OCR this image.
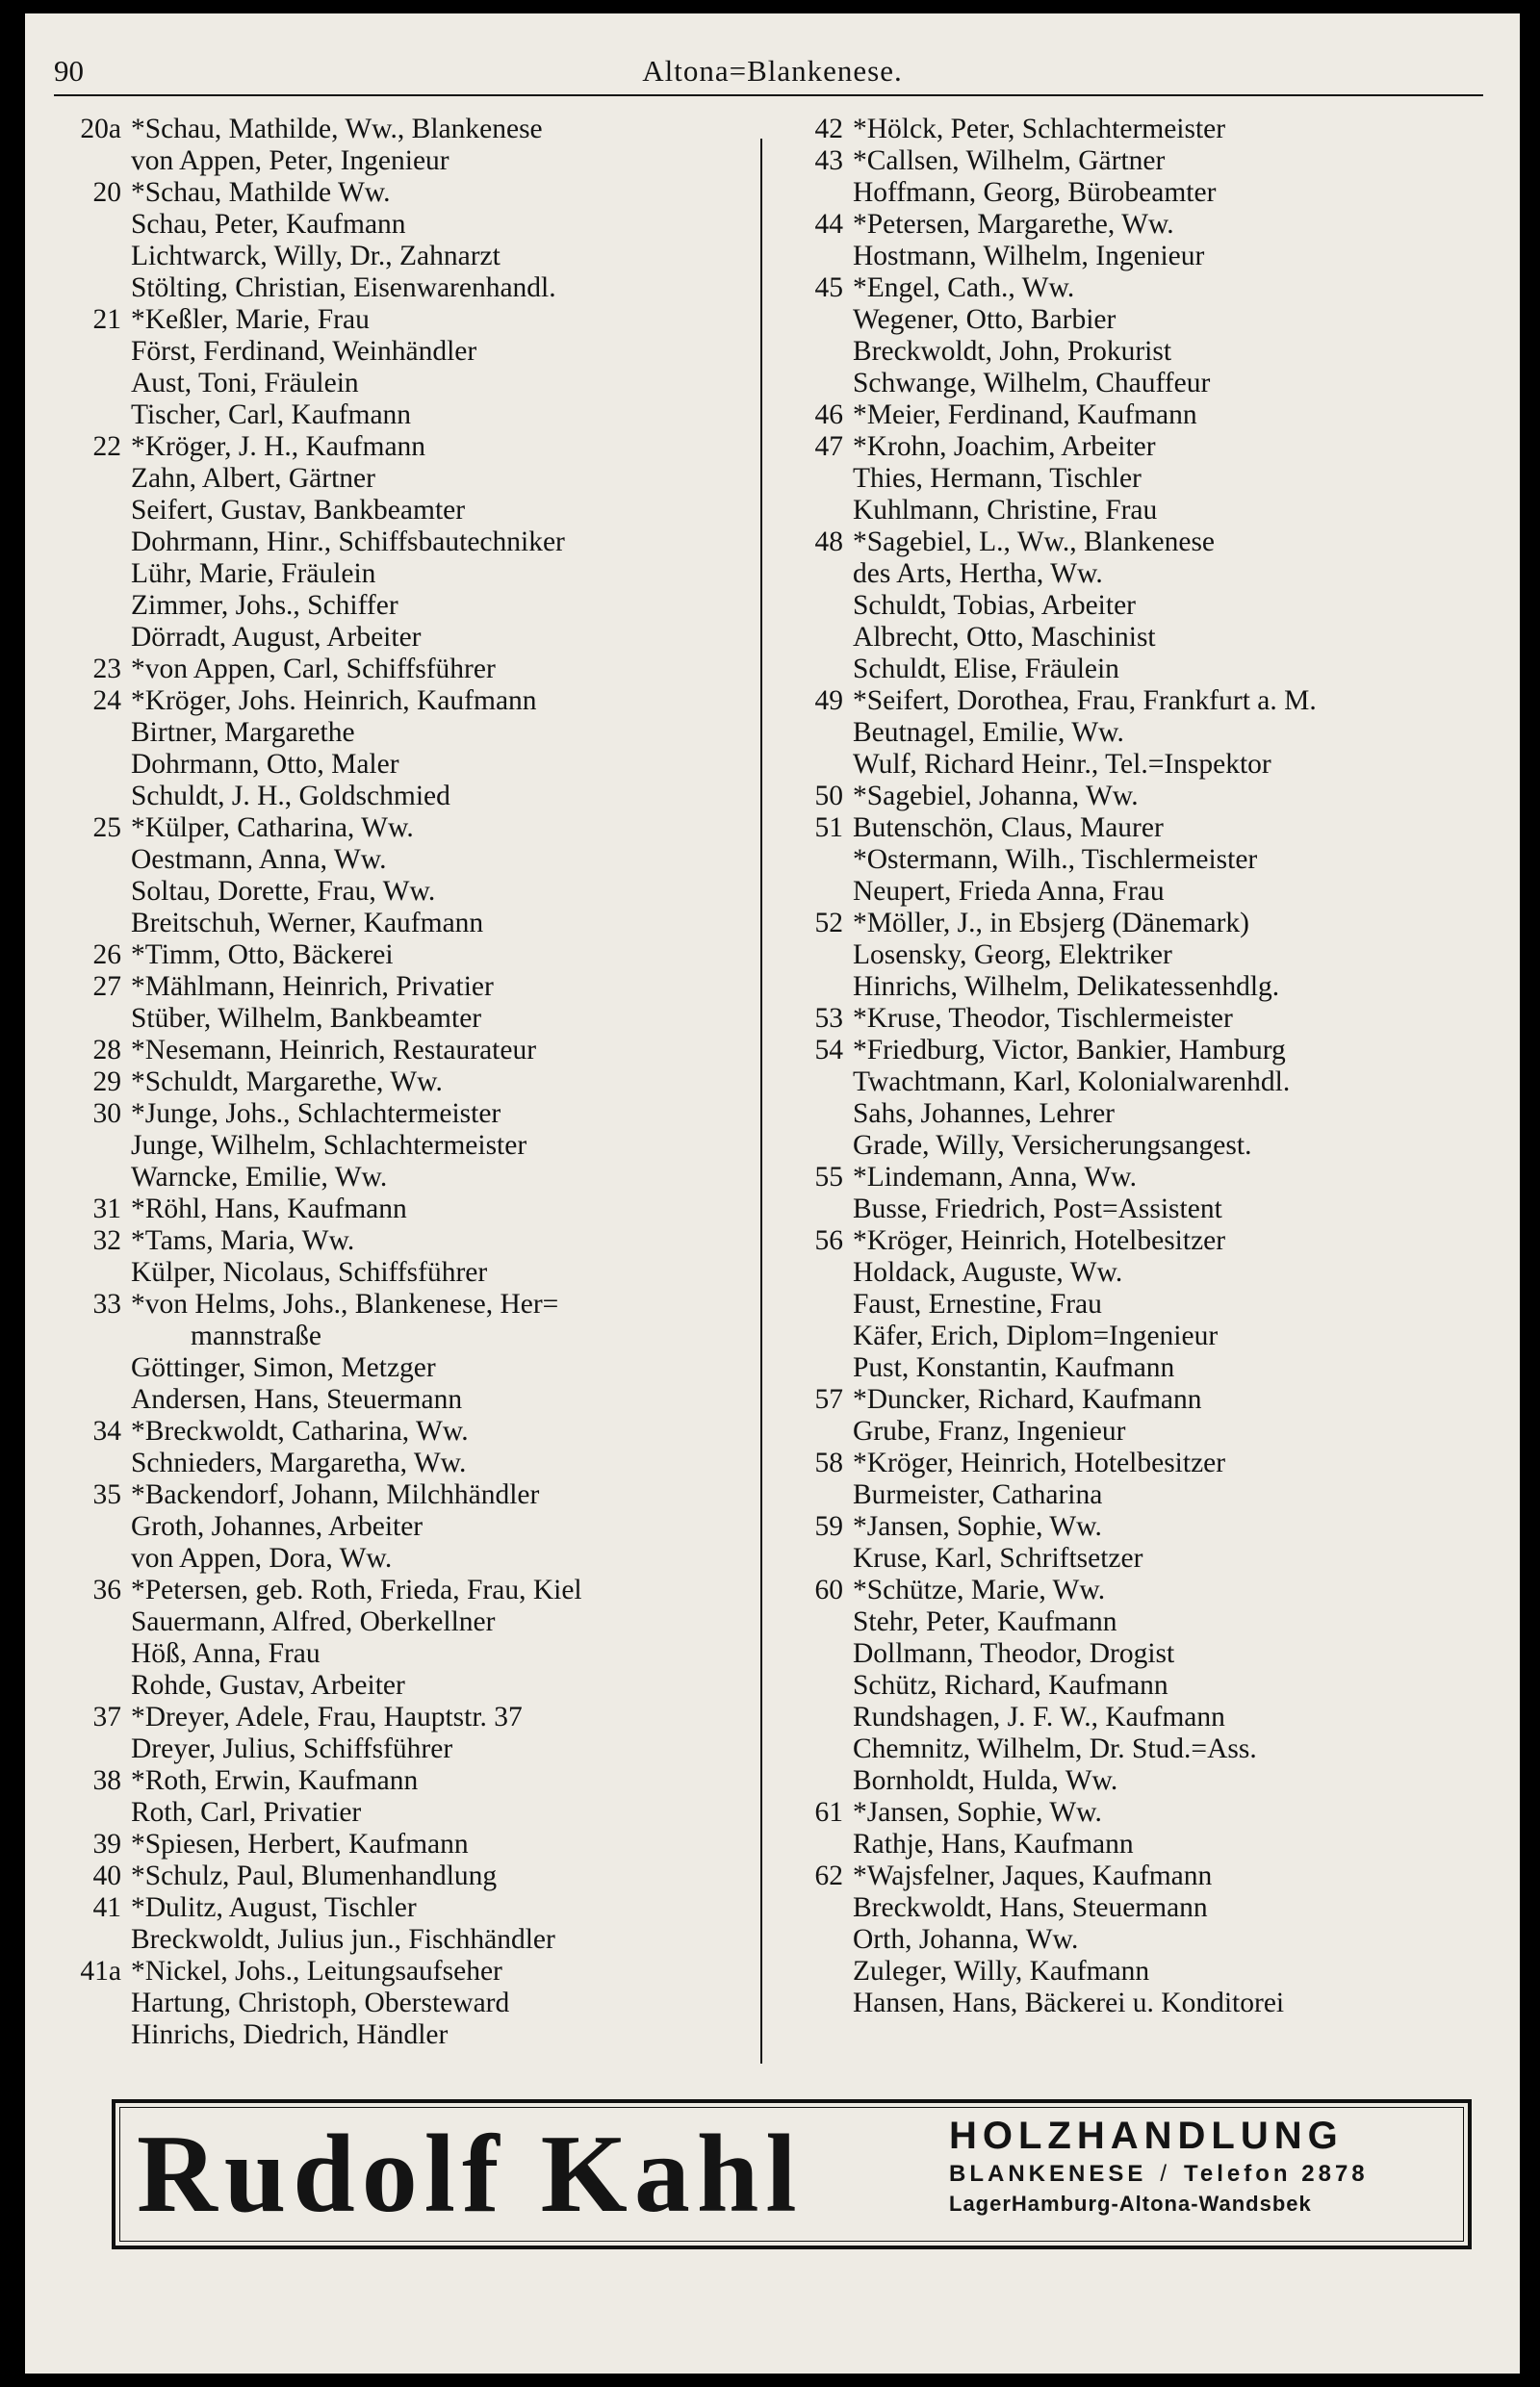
90	Altona=Blankenese.
20a *Schau, Mathilde, Ww., Blankenese
von Appen, Peter, Ingenieur
20 *Schau, Mathilde Ww.
Schau, Peter, Kaufmann
Lichtwarck, Willy, Dr., Zahnarzt
Stölting, Christian, Eisenwarenhandl.
21 *Keßler, Marie, Frau
Först, Ferdinand, Weinhändler
Aust, Toni, Fräulein
Tischer, Carl, Kaufmann
22 *Kröger, J. H., Kaufmann
Zahn, Albert, Gärtner
Seifert, Gustav, Bankbeamter
Dohrmann, Hinr., Schiffsbautechniker
Lühr, Marie, Fräulein
Zimmer, Johs., Schiffer
Dörradt, August, Arbeiter
23 *von Appen, Carl, Schiffsführer
24 *Kröger, Johs. Heinrich, Kaufmann
Birtner, Margarethe
Dohrmann, Otto, Maler
Schuldt, J. H., Goldschmied
25 *Külper, Catharina, Ww.
Oestmann, Anna, Ww.
Soltau, Dorette, Frau, Ww.
Breitschuh, Werner, Kaufmann
26 *Timm, Otto, Bäckerei
27 *Mählmann, Heinrich, Privatier
Stüber, Wilhelm, Bankbeamter
28 *Nesemann, Heinrich, Restaurateur
29 *Schuldt, Margarethe, Ww.
30 *Junge, Johs., Schlachtermeister
Junge, Wilhelm, Schlachtermeister
Warncke, Emilie, Ww.
31 *Röhl, Hans, Kaufmann
32 *Tams, Maria, Ww.
Külper, Nicolaus, Schiffsführer
33 *von Helms, Johs., Blankenese, Her=
mannstraße
Göttinger, Simon, Metzger
Andersen, Hans, Steuermann
34 *Breckwoldt, Catharina, Ww.
Schnieders, Margaretha, Ww.
35 *Backendorf, Johann, Milchhändler
Groth, Johannes, Arbeiter
von Appen, Dora, Ww.
36 *Petersen, geb. Roth, Frieda, Frau, Kiel
Sauermann, Alfred, Oberkellner
Höß, Anna, Frau
Rohde, Gustav, Arbeiter
37 *Dreyer, Adele, Frau, Hauptstr. 37
Dreyer, Julius, Schiffsführer
38 *Roth, Erwin, Kaufmann
Roth, Carl, Privatier
39 *Spiesen, Herbert, Kaufmann
40 *Schulz, Paul, Blumenhandlung
41 *Dulitz, August, Tischler
Breckwoldt, Julius jun., Fischhändler
41a *Nickel, Johs., Leitungsaufseher
Hartung, Christoph, Obersteward
Hinrichs, Diedrich, Händler
42 *Hölck, Peter, Schlachtermeister
43 *Callsen, Wilhelm, Gärtner
Hoffmann, Georg, Bürobeamter
44 *Petersen, Margarethe, Ww.
Hostmann, Wilhelm, Ingenieur
45 *Engel, Cath., Ww.
Wegener, Otto, Barbier
Breckwoldt, John, Prokurist
Schwange, Wilhelm, Chauffeur
46 *Meier, Ferdinand, Kaufmann
47 *Krohn, Joachim, Arbeiter
Thies, Hermann, Tischler
Kuhlmann, Christine, Frau
48 *Sagebiel, L., Ww., Blankenese
des Arts, Hertha, Ww.
Schuldt, Tobias, Arbeiter
Albrecht, Otto, Maschinist
Schuldt, Elise, Fräulein
49 *Seifert, Dorothea, Frau, Frankfurt a. M.
Beutnagel, Emilie, Ww.
Wulf, Richard Heinr., Tel.=Inspektor
50 *Sagebiel, Johanna, Ww.
51 Butenschön, Claus, Maurer
*Ostermann, Wilh., Tischlermeister
Neupert, Frieda Anna, Frau
52 *Möller, J., in Ebsjerg (Dänemark)
Losensky, Georg, Elektriker
Hinrichs, Wilhelm, Delikatessenhdlg.
53 *Kruse, Theodor, Tischlermeister
54 *Friedburg, Victor, Bankier, Hamburg
Twachtmann, Karl, Kolonialwarenhdl.
Sahs, Johannes, Lehrer
Grade, Willy, Versicherungsangest.
55 *Lindemann, Anna, Ww.
Busse, Friedrich, Post=Assistent
56 *Kröger, Heinrich, Hotelbesitzer
Holdack, Auguste, Ww.
Faust, Ernestine, Frau
Käfer, Erich, Diplom=Ingenieur
Pust, Konstantin, Kaufmann
57 *Duncker, Richard, Kaufmann
Grube, Franz, Ingenieur
58 *Kröger, Heinrich, Hotelbesitzer
Burmeister, Catharina
59 *Jansen, Sophie, Ww.
Kruse, Karl, Schriftsetzer
60 *Schütze, Marie, Ww.
Stehr, Peter, Kaufmann
Dollmann, Theodor, Drogist
Schütz, Richard, Kaufmann
Rundshagen, J. F. W., Kaufmann
Chemnitz, Wilhelm, Dr. Stud.=Ass.
Bornholdt, Hulda, Ww.
61 *Jansen, Sophie, Ww.
Rathje, Hans, Kaufmann
62 *Wajsfelner, Jaques, Kaufmann
Breckwoldt, Hans, Steuermann
Orth, Johanna, Ww.
Zuleger, Willy, Kaufmann
Hansen, Hans, Bäckerei u. Konditorei
Rudolf Kahl	HOLZHANDLUNG
BLANKENESE / Telefon 2878
LagerHamburg-Altona-Wandsbek
